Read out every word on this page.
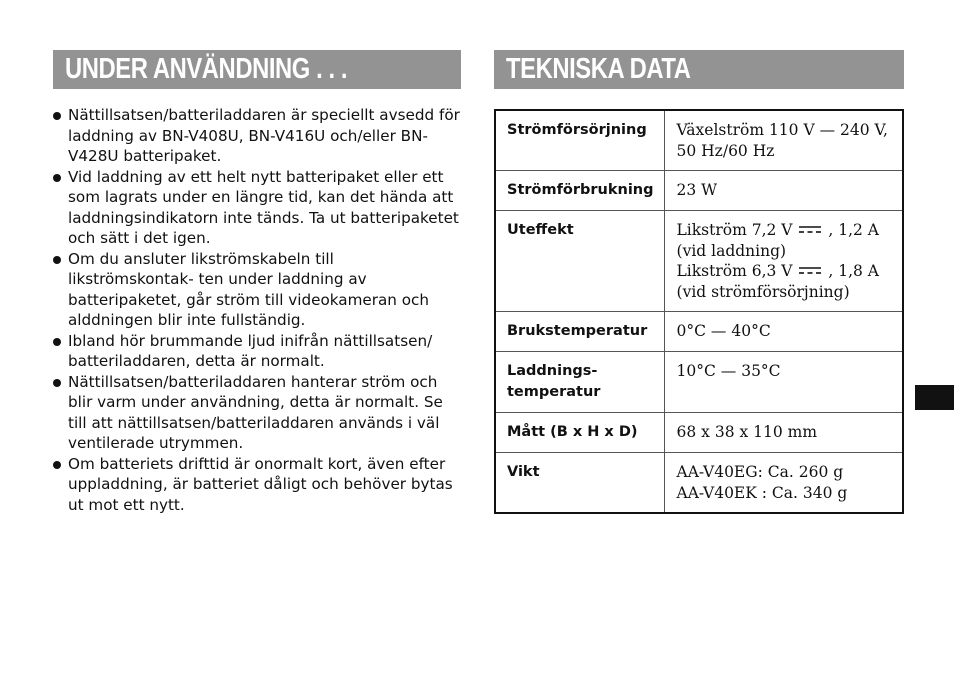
UNDER ANVÄNDNING . . .
Nättillsatsen/batteriladdaren är speciellt avsedd för laddning av BN-V408U, BN-V416U och/eller BN-V428U batteripaket.
Vid laddning av ett helt nytt batteripaket eller ett som lagrats under en längre tid, kan det hända att laddningsindikatorn inte tänds. Ta ut batteripaketet och sätt i det igen.
Om du ansluter likströmskabeln till likströmskontak- ten under laddning av batteripaketet, går ström till videokameran och alddningen blir inte fullständig.
Ibland hör brummande ljud inifrån nättillsatsen/ batteriladdaren, detta är normalt.
Nättillsatsen/batteriladdaren hanterar ström och blir varm under användning, detta är normalt. Se till att nättillsatsen/batteriladdaren används i väl ventilerade utrymmen.
Om batteriets drifttid är onormalt kort, även efter uppladdning, är batteriet dåligt och behöver bytas ut mot ett nytt.
TEKNISKA DATA
Strömförsörjning	Växelström 110 V — 240 V,
50 Hz/60 Hz

Strömförbrukning	23 W
Uteffekt	Likström 7,2 V , 1,2 A
(vid laddning)
Likström 6,3 V , 1,8 A
(vid strömförsörjning)

Brukstemperatur	0°C — 40°C

Laddnings-
temperatur	10°C — 35°C
Mått (B x H x D)	68 x 38 x 110 mm
Vikt	AA-V40EG: Ca. 260 g
AA-V40EK : Ca. 340 g
